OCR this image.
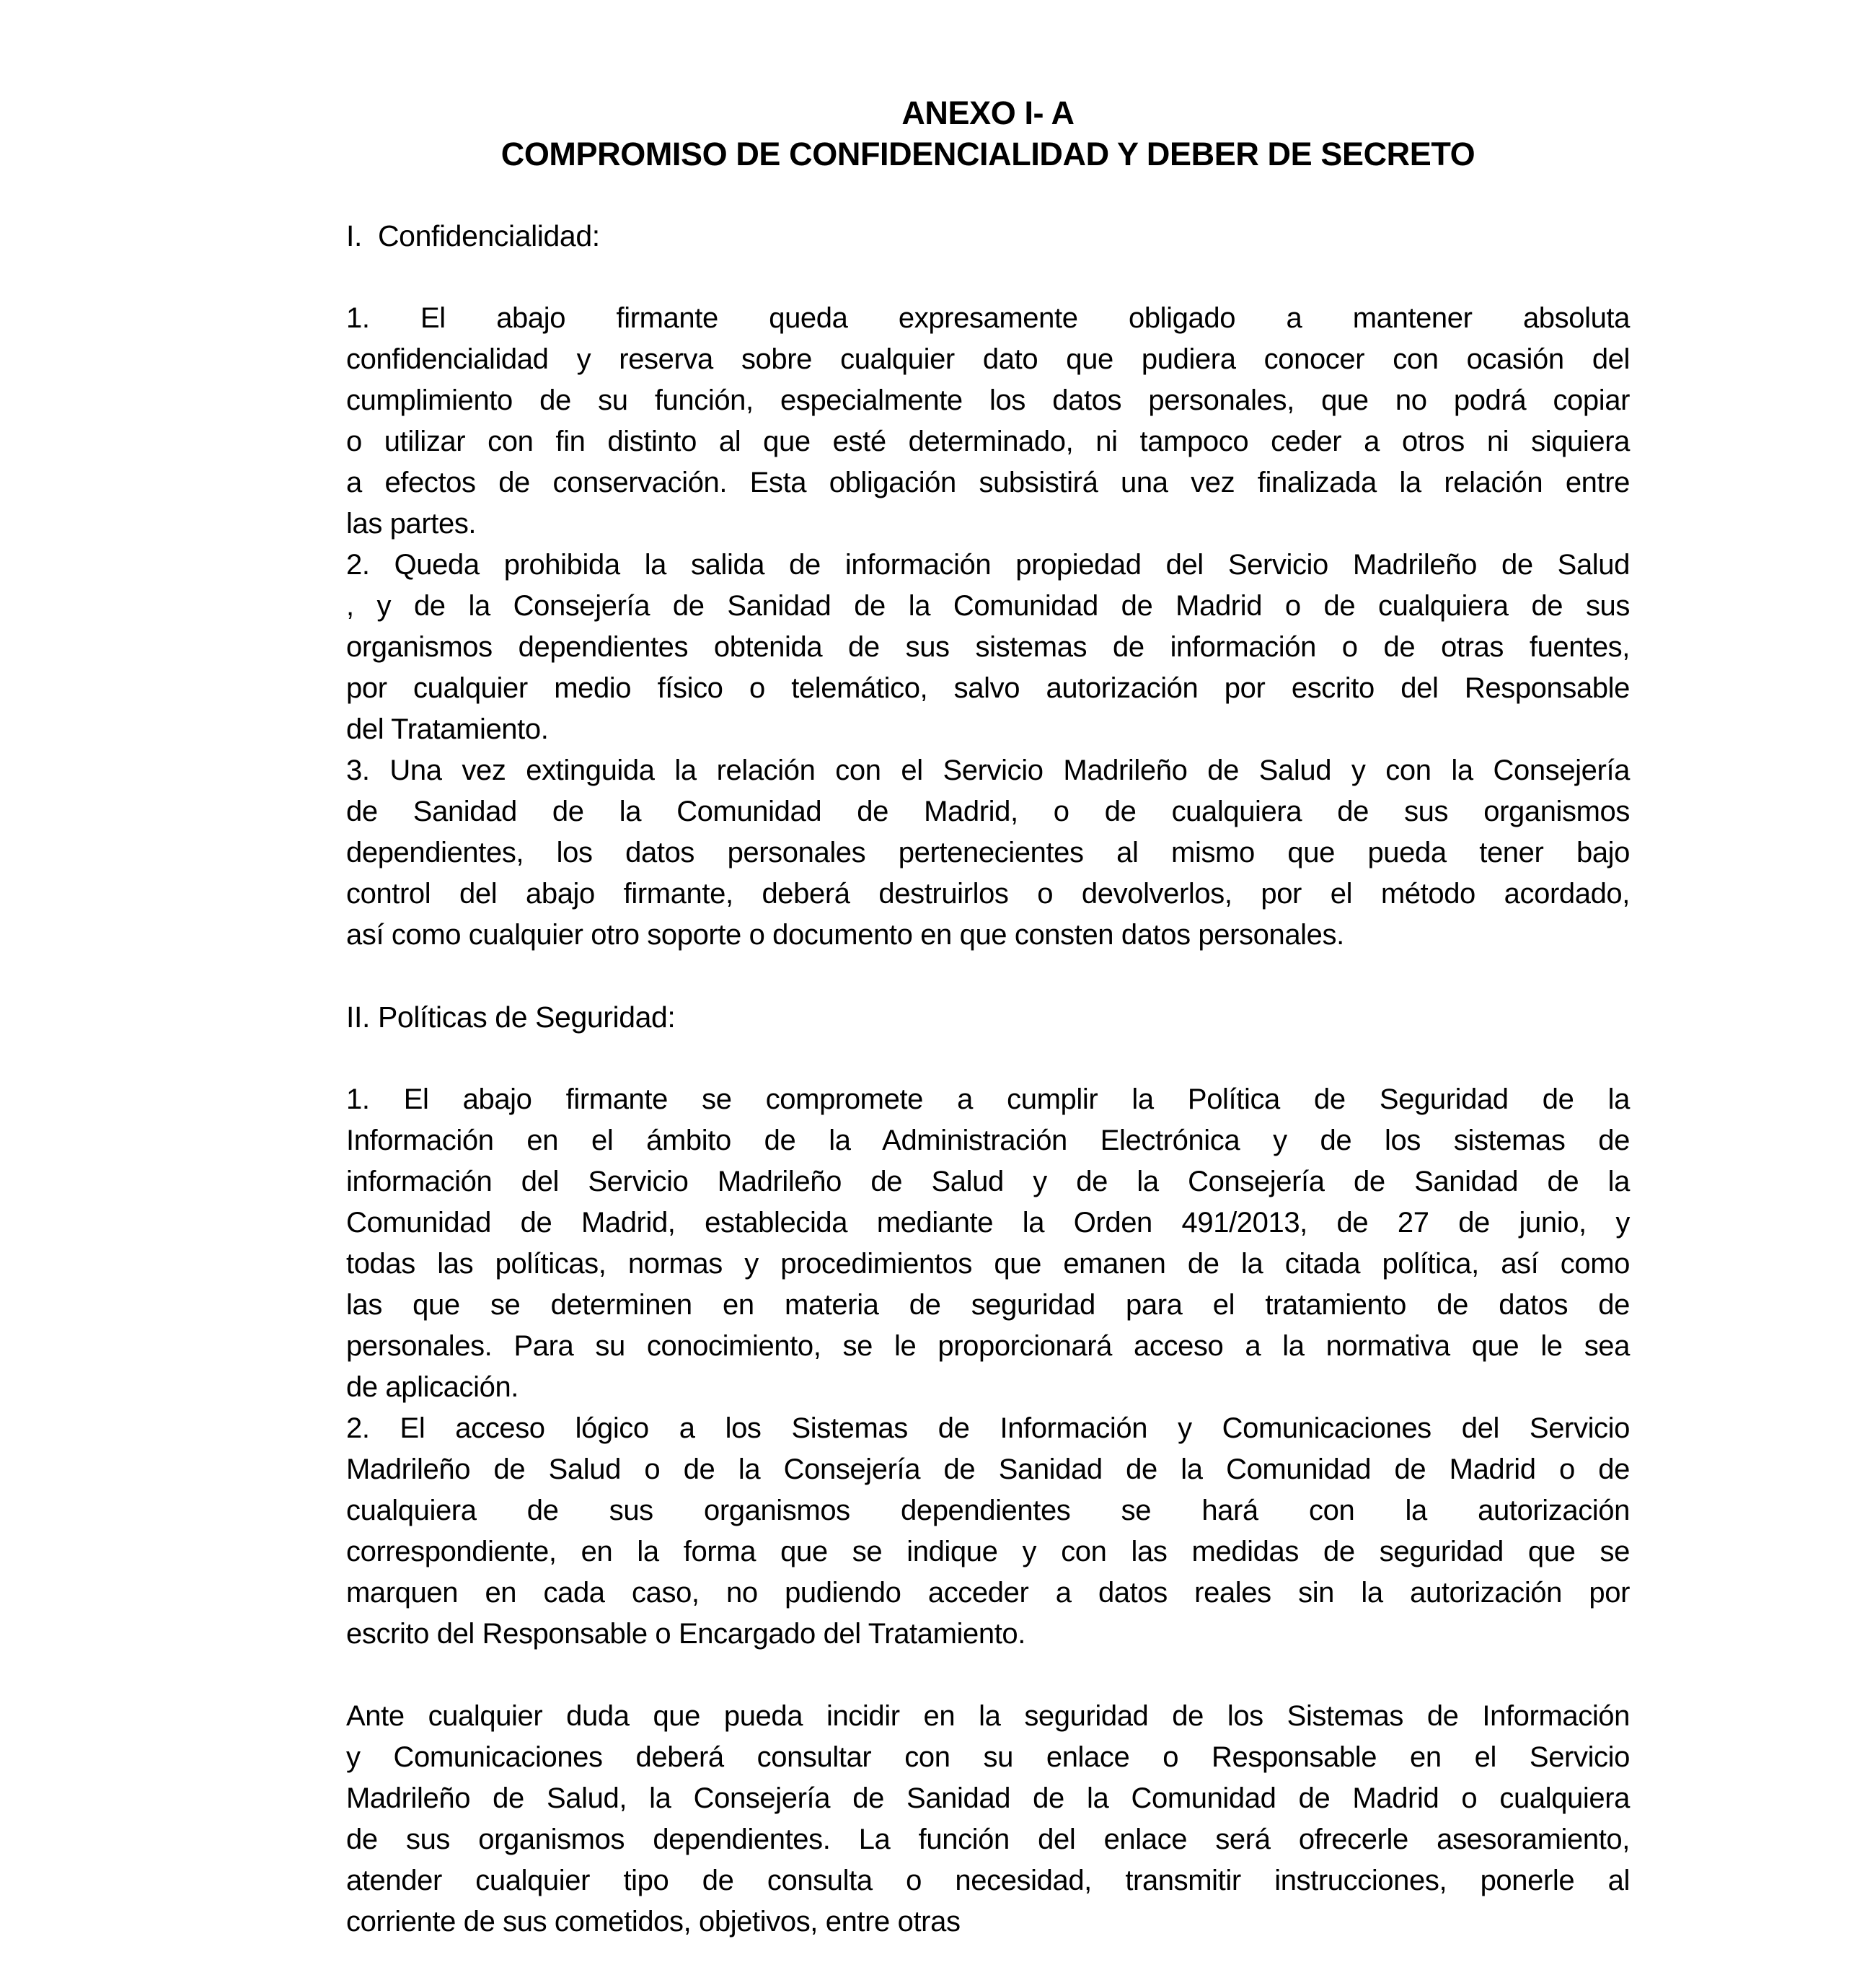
ANEXO I- A
COMPROMISO DE CONFIDENCIALIDAD Y DEBER DE SECRETO
I.  Confidencialidad:
1. El abajo firmante queda expresamente obligado a mantener absoluta
confidencialidad y reserva sobre cualquier dato que pudiera conocer con ocasión del
cumplimiento de su función, especialmente los datos personales, que no podrá copiar
o utilizar con fin distinto al que esté determinado, ni tampoco ceder a otros ni siquiera
a efectos de conservación. Esta obligación subsistirá una vez finalizada la relación entre
las partes.
2. Queda prohibida la salida de información propiedad del Servicio Madrileño de Salud
, y de la Consejería de Sanidad de la Comunidad de Madrid o de cualquiera de sus
organismos dependientes obtenida de sus sistemas de información o de otras fuentes,
por cualquier medio físico o telemático, salvo autorización por escrito del Responsable
del Tratamiento.
3. Una vez extinguida la relación con el Servicio Madrileño de Salud y con la Consejería
de Sanidad de la Comunidad de Madrid, o de cualquiera de sus organismos
dependientes, los datos personales pertenecientes al mismo que pueda tener bajo
control del abajo firmante, deberá destruirlos o devolverlos, por el método acordado,
así como cualquier otro soporte o documento en que consten datos personales.
II. Políticas de Seguridad:
1. El abajo firmante se compromete a cumplir la Política de Seguridad de la
Información en el ámbito de la Administración Electrónica y de los sistemas de
información del Servicio Madrileño de Salud y de la Consejería de Sanidad de la
Comunidad de Madrid, establecida mediante la Orden 491/2013, de 27 de junio, y
todas las políticas, normas y procedimientos que emanen de la citada política, así como
las que se determinen en materia de seguridad para el tratamiento de datos de
personales. Para su conocimiento, se le proporcionará acceso a la normativa que le sea
de aplicación.
2. El acceso lógico a los Sistemas de Información y Comunicaciones del Servicio
Madrileño de Salud o de la Consejería de Sanidad de la Comunidad de Madrid o de
cualquiera de sus organismos dependientes se hará con la autorización
correspondiente, en la forma que se indique y con las medidas de seguridad que se
marquen en cada caso, no pudiendo acceder a datos reales sin la autorización por
escrito del Responsable o Encargado del Tratamiento.
Ante cualquier duda que pueda incidir en la seguridad de los Sistemas de Información
y Comunicaciones deberá consultar con su enlace o Responsable en el Servicio
Madrileño de Salud, la Consejería de Sanidad de la Comunidad de Madrid o cualquiera
de sus organismos dependientes. La función del enlace será ofrecerle asesoramiento,
atender cualquier tipo de consulta o necesidad, transmitir instrucciones, ponerle al
corriente de sus cometidos, objetivos, entre otras
